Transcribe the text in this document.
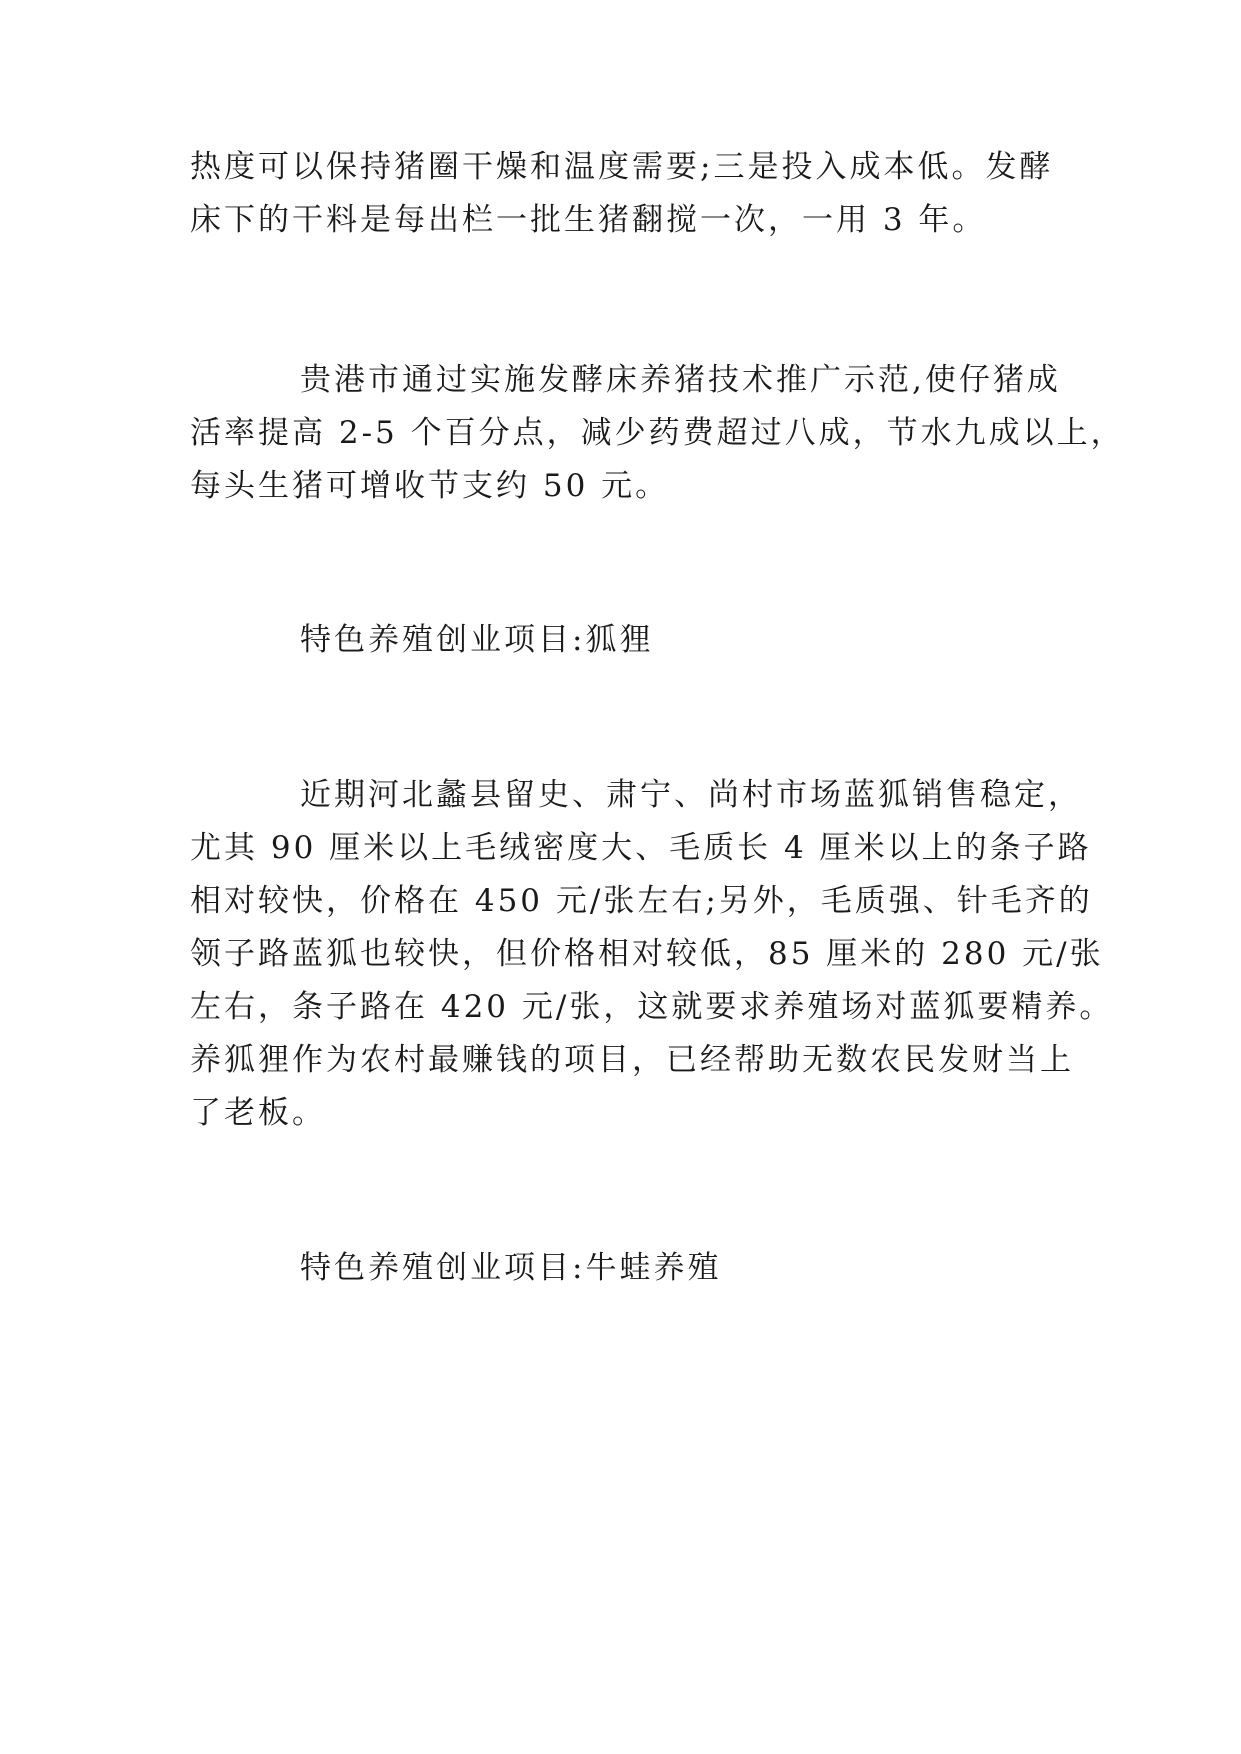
热度可以保持猪圈干燥和温度需要;三是投入成本低。发酵
床下的干料是每出栏一批生猪翻搅一次，一用 3 年。
贵港市通过实施发酵床养猪技术推广示范,使仔猪成
活率提高 2-5 个百分点，减少药费超过八成，节水九成以上，
每头生猪可增收节支约 50 元。
特色养殖创业项目:狐狸
近期河北蠡县留史、肃宁、尚村市场蓝狐销售稳定，
尤其 90 厘米以上毛绒密度大、毛质长 4 厘米以上的条子路
相对较快，价格在 450 元/张左右;另外，毛质强、针毛齐的
领子路蓝狐也较快，但价格相对较低，85 厘米的 280 元/张
左右，条子路在 420 元/张，这就要求养殖场对蓝狐要精养。
养狐狸作为农村最赚钱的项目，已经帮助无数农民发财当上
了老板。
特色养殖创业项目:牛蛙养殖
